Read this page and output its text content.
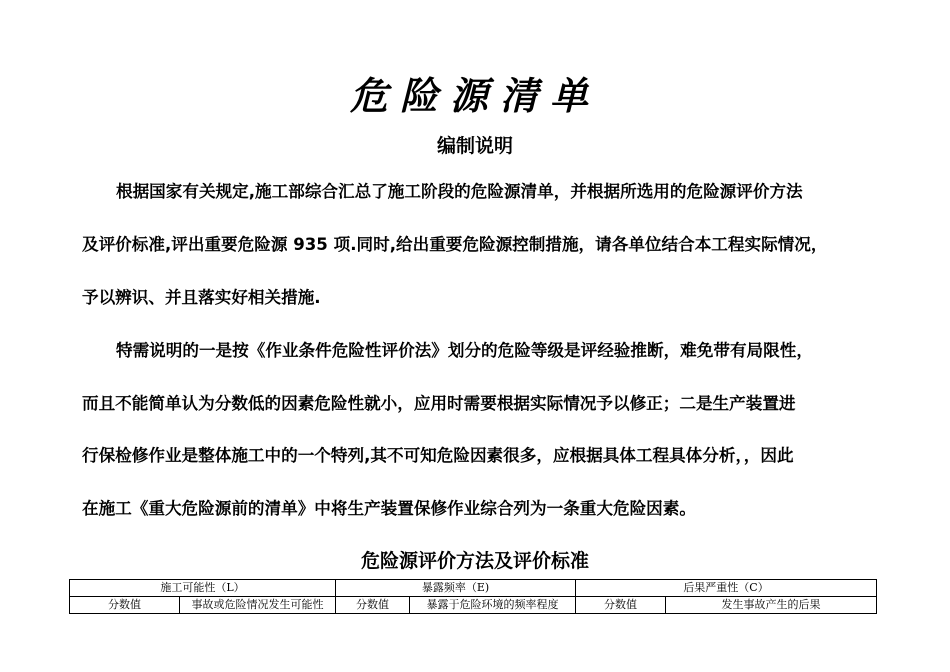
危险源清单
编制说明

根据国家有关规定,施工部综合汇总了施工阶段的危险源清单，并根据所选用的危险源评价方法

及评价标准,评出重要危险源 935 项.同时,给出重要危险源控制措施，请各单位结合本工程实际情况，

予以辨识、并且落实好相关措施.

特需说明的一是按《作业条件危险性评价法》划分的危险等级是评经验推断，难免带有局限性，

而且不能简单认为分数低的因素危险性就小，应用时需要根据实际情况予以修正；二是生产装置进

行保检修作业是整体施工中的一个特列,其不可知危险因素很多，应根据具体工程具体分析，，因此

在施工《重大危险源前的清单》中将生产装置保修作业综合列为一条重大危险因素。

危险源评价方法及评价标准
施工可能性（L）		暴露频率（E)		后果严重性（C）	
分数值	事故或危险情况发生可能性	分数值	暴露于危险环境的频率程度	分数值	发生事故产生的后果
